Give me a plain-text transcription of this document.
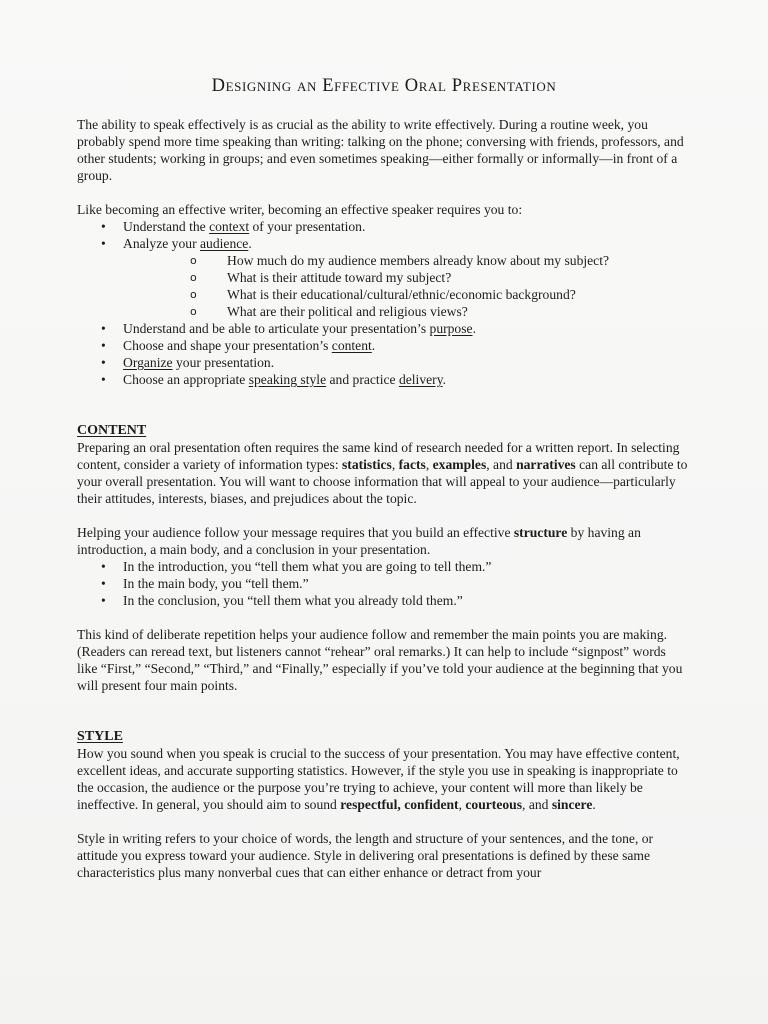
Designing an Effective Oral Presentation

The ability to speak effectively is as crucial as the ability to write effectively. During a routine week, you probably spend more time speaking than writing: talking on the phone; conversing with friends, professors, and other students; working in groups; and even sometimes speaking—either formally or informally—in front of a group.

Like becoming an effective writer, becoming an effective speaker requires you to:

• Understand the context of your presentation.
• Analyze your audience.
o How much do my audience members already know about my subject?
o What is their attitude toward my subject?
o What is their educational/cultural/ethnic/economic background?
o What are their political and religious views?
• Understand and be able to articulate your presentation’s purpose.
• Choose and shape your presentation’s content.
• Organize your presentation.
• Choose an appropriate speaking style and practice delivery.
CONTENT

Preparing an oral presentation often requires the same kind of research needed for a written report. In selecting content, consider a variety of information types: statistics, facts, examples, and narratives can all contribute to your overall presentation. You will want to choose information that will appeal to your audience—particularly their attitudes, interests, biases, and prejudices about the topic.

Helping your audience follow your message requires that you build an effective structure by having an introduction, a main body, and a conclusion in your presentation.

• In the introduction, you “tell them what you are going to tell them.”
• In the main body, you “tell them.”
• In the conclusion, you “tell them what you already told them.”

This kind of deliberate repetition helps your audience follow and remember the main points you are making. (Readers can reread text, but listeners cannot “rehear” oral remarks.) It can help to include “signpost” words like “First,” “Second,” “Third,” and “Finally,” especially if you’ve told your audience at the beginning that you will present four main points.

STYLE

How you sound when you speak is crucial to the success of your presentation. You may have effective content, excellent ideas, and accurate supporting statistics. However, if the style you use in speaking is inappropriate to the occasion, the audience or the purpose you’re trying to achieve, your content will more than likely be ineffective. In general, you should aim to sound respectful, confident, courteous, and sincere.

Style in writing refers to your choice of words, the length and structure of your sentences, and the tone, or attitude you express toward your audience. Style in delivering oral presentations is defined by these same characteristics plus many nonverbal cues that can either enhance or detract from your
